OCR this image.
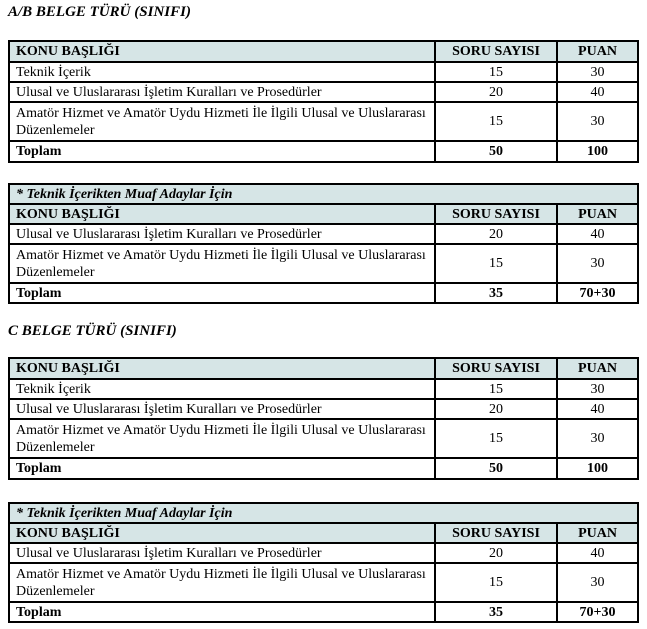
A/B BELGE TÜRÜ (SINIFI)
KONU BAŞLIĞI	SORU SAYISI	PUAN
Teknik İçerik	15	30
Ulusal ve Uluslararası İşletim Kuralları ve Prosedürler	20	40
Amatör Hizmet ve Amatör Uydu Hizmeti İle İlgili Ulusal ve Uluslararası Düzenlemeler	15	30
Toplam	50	100
* Teknik İçerikten Muaf Adaylar İçin		
KONU BAŞLIĞI	SORU SAYISI	PUAN
Ulusal ve Uluslararası İşletim Kuralları ve Prosedürler	20	40
Amatör Hizmet ve Amatör Uydu Hizmeti İle İlgili Ulusal ve Uluslararası Düzenlemeler	15	30
Toplam	35	70+30
C BELGE TÜRÜ (SINIFI)
KONU BAŞLIĞI	SORU SAYISI	PUAN
Teknik İçerik	15	30
Ulusal ve Uluslararası İşletim Kuralları ve Prosedürler	20	40
Amatör Hizmet ve Amatör Uydu Hizmeti İle İlgili Ulusal ve Uluslararası Düzenlemeler	15	30
Toplam	50	100
* Teknik İçerikten Muaf Adaylar İçin		
KONU BAŞLIĞI	SORU SAYISI	PUAN
Ulusal ve Uluslararası İşletim Kuralları ve Prosedürler	20	40
Amatör Hizmet ve Amatör Uydu Hizmeti İle İlgili Ulusal ve Uluslararası Düzenlemeler	15	30
Toplam	35	70+30
